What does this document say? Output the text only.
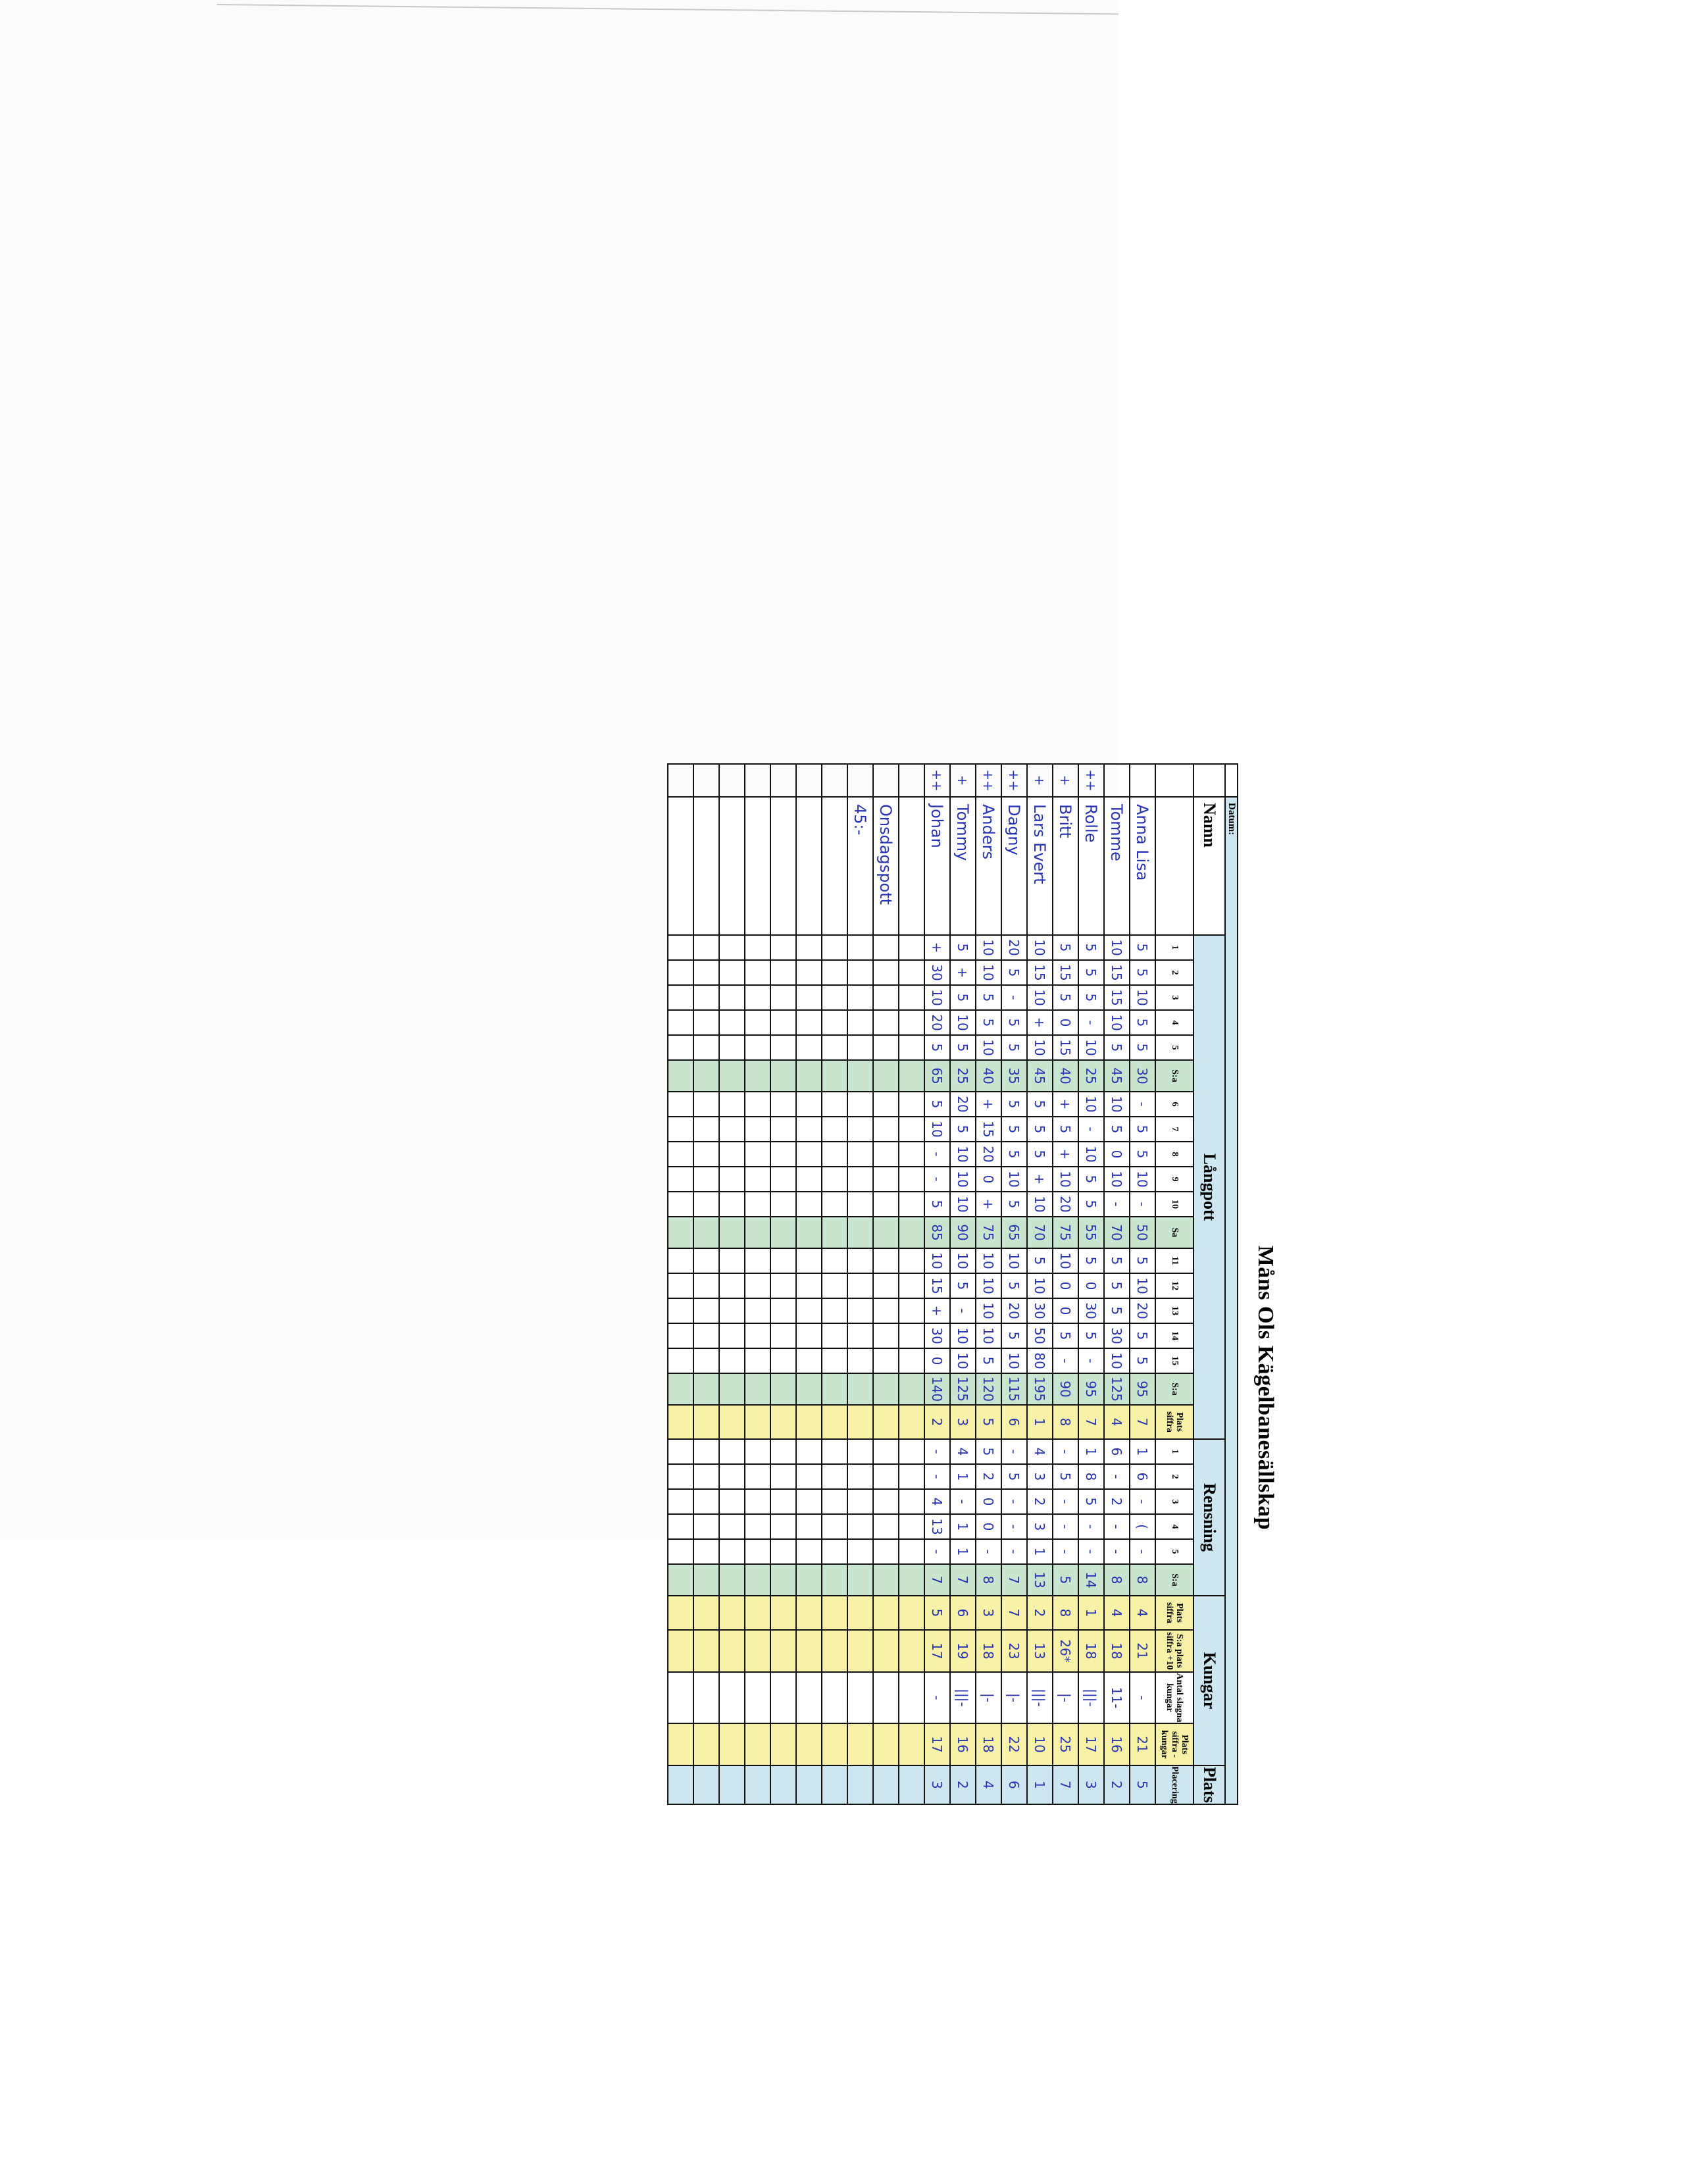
Måns Ols Kägelbanesällskap
	Datum:																														
	Namn	Långpott																			Rensning						Kungar				Plats
		1	2	3	4	5	S:a	6	7	8	9	10	Sa	11	12	13	14	15	S:a	Plats siffra	1	2	3	4	5	S:a	Plats siffra	S:a plats siffra +10	Antal slagna kungar	Plats siffra -kungar	Placering
	Anna Lisa	5	5	10	5	5	30	-	5	5	10	-	50	5	10	20	5	5	95	7	1	6	-	(	-	8	4	21	-	21	5
	Tomme	10	15	15	10	5	45	10	5	0	10	-	70	5	5	5	30	10	125	4	6	-	2	-	-	8	4	18	11-	16	2
++	Rolle	5	5	5	-	10	25	10	-	10	5	5	55	5	0	30	5	-	95	7	1	8	5	-	-	14	1	18	|||-	17	3
+	Britt	5	15	5	0	15	40	+	5	+	10	20	75	10	0	0	5	-	90	8	-	5	-	-	-	5	8	26*	|-	25	7
+	Lars Evert	10	15	10	+	10	45	5	5	5	+	10	70	5	10	30	50	80	195	1	4	3	2	3	1	13	2	13	|||-	10	1
++	Dagny	20	5	-	5	5	35	5	5	5	10	5	65	10	5	20	5	10	115	6	-	5	-	-	-	7	7	23	|-	22	6
++	Anders	10	10	5	5	10	40	+	15	20	0	+	75	10	10	10	10	5	120	5	5	2	0	0	-	8	3	18	|-	18	4
+	Tommy	5	+	5	10	5	25	20	5	10	10	10	90	10	5	-	10	10	125	3	4	1	-	1	1	7	6	19	|||-	16	2
++	Johan	+	30	10	20	5	65	5	10	-	-	5	85	10	15	+	30	0	140	2	-	-	4	13	-	7	5	17	-	17	3

	Onsdagspott																														
	45:-																														
